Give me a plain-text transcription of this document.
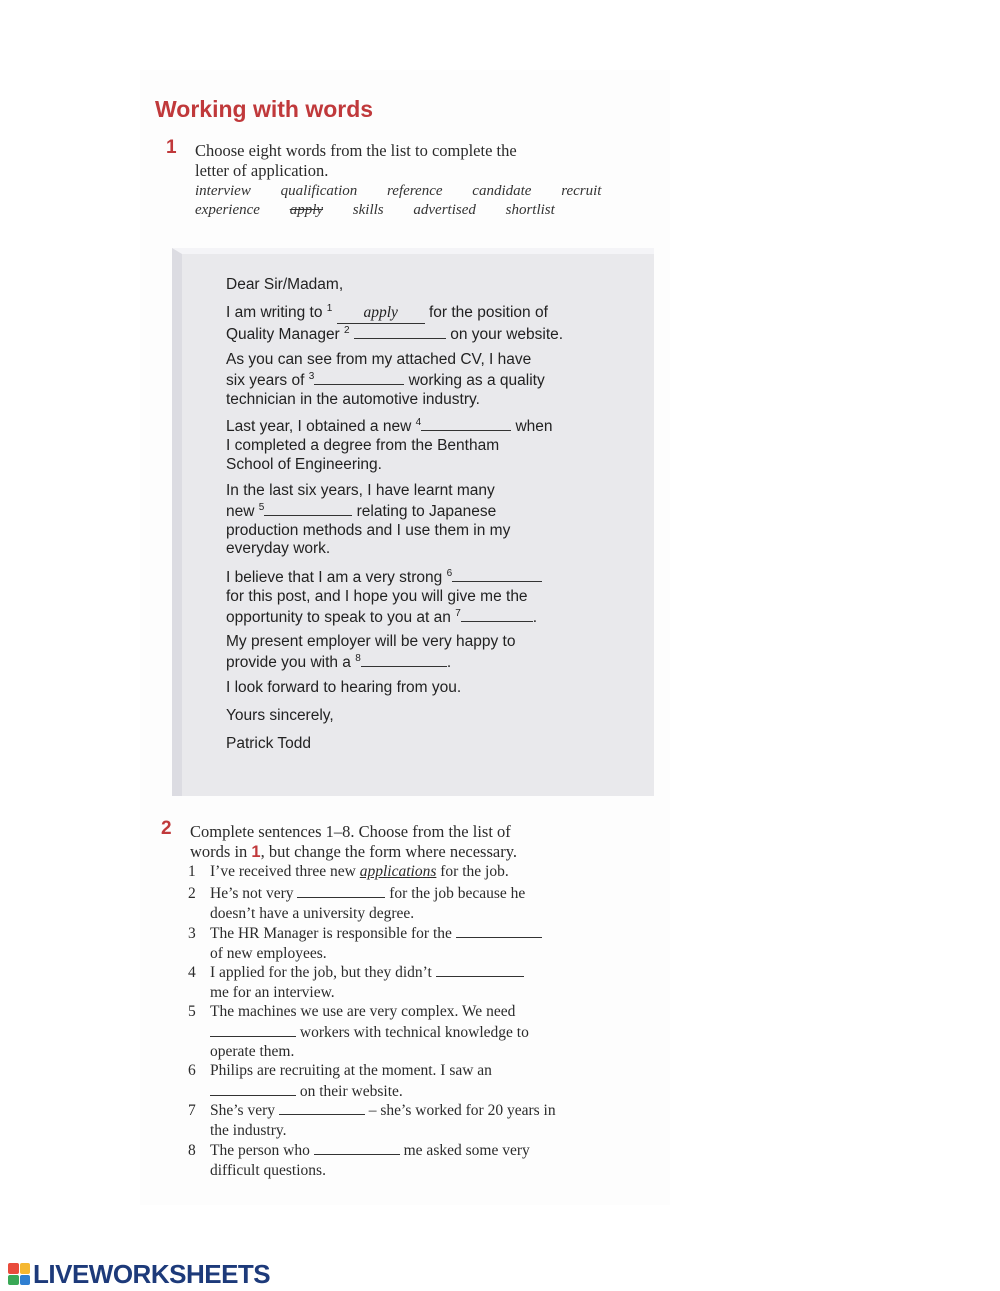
Working with words
1 Choose eight words from the list to complete the
letter of application.
interview qualification reference candidate recruit experience apply skills advertised shortlist
Dear Sir/Madam,
I am writing to $^1$ apply for the position of
Quality Manager $^2$	on your website.
As you can see from my attached CV, I have
six years of $^3$	working as a quality
technician in the automotive industry.
Last year, I obtained a new $^4$	when
I completed a degree from the Bentham
School of Engineering.
In the last six years, I have learnt many
new $^5$	relating to Japanese
production methods and I use them in my
everyday work.
I believe that I am a very strong $^6$
for this post, and I hope you will give me the
opportunity to speak to you at an $^7$	.
My present employer will be very happy to
provide you with a $^8$	.
I look forward to hearing from you.
Yours sincerely,
Patrick Todd
2 Complete sentences 1–8. Choose from the list of
words in 1, but change the form where necessary.
1 I’ve received three new applications for the job.
2 He’s not very	for the job because he
doesn’t have a university degree.
3 The HR Manager is responsible for the
of new employees.
4 I applied for the job, but they didn’t
me for an interview.
5 The machines we use are very complex. We need
workers with technical knowledge to
operate them.
6 Philips are recruiting at the moment. I saw an
on their website.
7 She’s very	– she’s worked for 20 years in
the industry.
8 The person who	me asked some very
difficult questions.
LIVEWORKSHEETS
